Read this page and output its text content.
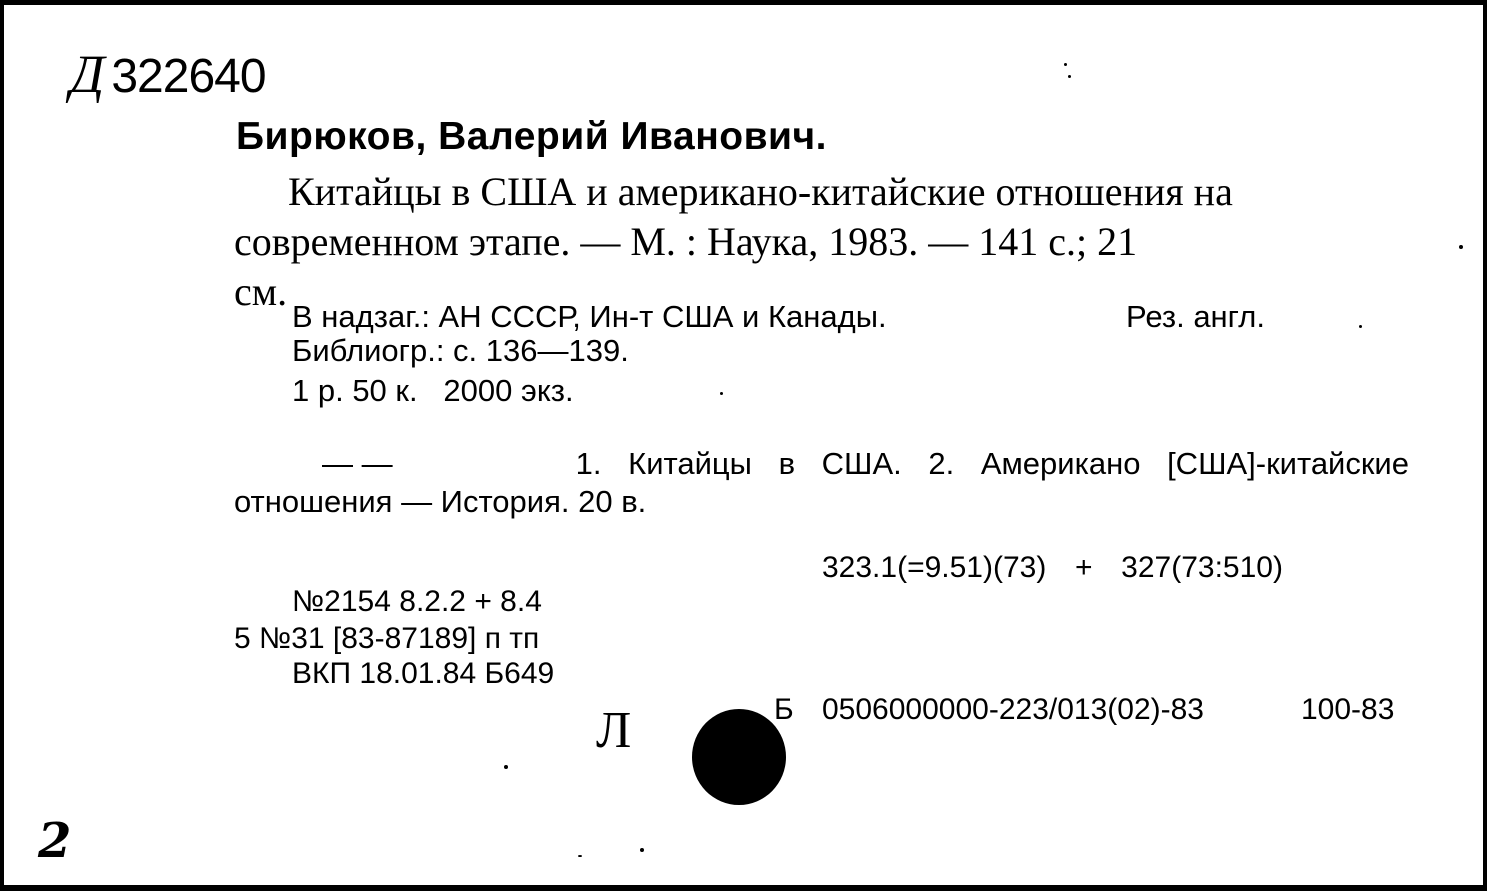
Д 322640
Бирюков, Валерий Иванович.
Китайцы в США и американо-китайские отношения на
современном этапе. — М. : Наука, 1983. — 141 с.; 21
см.
В надзаг.: АН СССР, Ин-т США и Канады.	Рез. англ.
Библиогр.: с. 136—139.
1 р. 50 к.   2000 экз.
— —	1. Китайцы в США. 2. Американо [США]-китайские
отношения — История. 20 в.
323.1(=9.51)(73)  +  327(73:510)
№2154 8.2.2 + 8.4
5 №31 [83-87189] п тп
ВКП 18.01.84 Б649
Л	Б 0506000000-223/013(02)-83	100-83
2
